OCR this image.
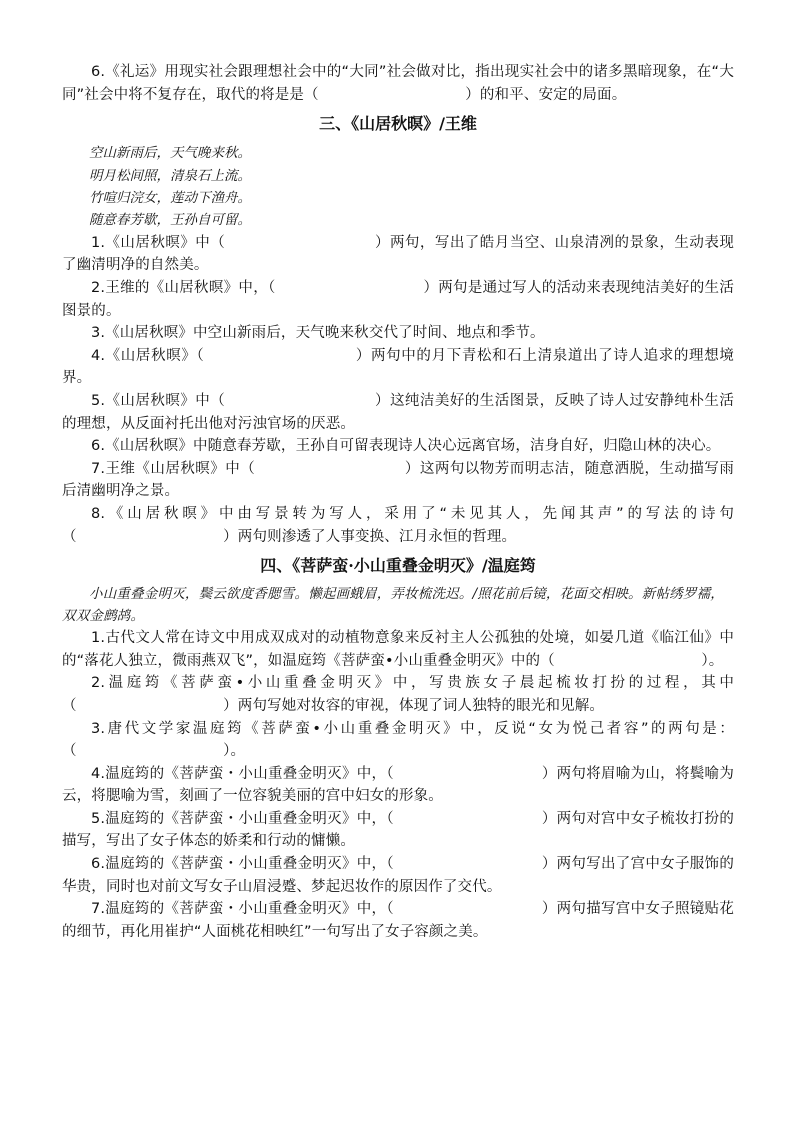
6.《礼运》用现实社会跟理想社会中的“大同”社会做对比，指出现实社会中的诸多黑暗现象，在“大同”社会中将不复存在，取代的将是是（　　　　　　　　　　）的和平、安定的局面。

三、《山居秋暝》/王维

空山新雨后，天气晚来秋。

明月松间照，清泉石上流。

竹喧归浣女，莲动下渔舟。

随意春芳歇，王孙自可留。

1.《山居秋暝》中（　　　　　　　　　　）两句，写出了皓月当空、山泉清冽的景象，生动表现了幽清明净的自然美。

2.王维的《山居秋暝》中，（　　　　　　　　　　）两句是通过写人的活动来表现纯洁美好的生活图景的。

3.《山居秋暝》中空山新雨后，天气晚来秋交代了时间、地点和季节。

4.《山居秋暝》（　　　　　　　　　　）两句中的月下青松和石上清泉道出了诗人追求的理想境界。

5.《山居秋暝》中（　　　　　　　　　　）这纯洁美好的生活图景，反映了诗人过安静纯朴生活的理想，从反面衬托出他对污浊官场的厌恶。

6.《山居秋暝》中随意春芳歇，王孙自可留表现诗人决心远离官场，洁身自好，归隐山林的决心。

7.王维《山居秋暝》中（　　　　　　　　　　）这两句以物芳而明志洁，随意洒脱，生动描写雨后清幽明净之景。

8.《山居秋暝》中由写景转为写人，采用了“未见其人，先闻其声”的写法的诗句（　　　　　　　　　　）两句则渗透了人事变换、江月永恒的哲理。

四、《菩萨蛮·小山重叠金明灭》/温庭筠

小山重叠金明灭，鬓云欲度香腮雪。懒起画蛾眉，弄妆梳洗迟。/照花前后镜，花面交相映。新帖绣罗襦，双双金鹧鸪。

1.古代文人常在诗文中用成双成对的动植物意象来反衬主人公孤独的处境，如晏几道《临江仙》中的“落花人独立，微雨燕双飞”，如温庭筠《菩萨蛮•小山重叠金明灭》中的（　　　　　　　　　　）。

2.温庭筠《菩萨蛮•小山重叠金明灭》中，写贵族女子晨起梳妆打扮的过程，其中（　　　　　　　　　　）两句写她对妆容的审视，体现了词人独特的眼光和见解。

3.唐代文学家温庭筠《菩萨蛮•小山重叠金明灭》中，反说“女为悦己者容”的两句是：（　　　　　　　　　　）。

4.温庭筠的《菩萨蛮・小山重叠金明灭》中，（　　　　　　　　　　）两句将眉喻为山，将鬓喻为云，将腮喻为雪，刻画了一位容貌美丽的宫中妇女的形象。

5.温庭筠的《菩萨蛮・小山重叠金明灭》中，（　　　　　　　　　　）两句对宫中女子梳妆打扮的描写，写出了女子体态的娇柔和行动的慵懒。

6.温庭筠的《菩萨蛮・小山重叠金明灭》中，（　　　　　　　　　　）两句写出了宫中女子服饰的华贵，同时也对前文写女子山眉浸蹙、梦起迟妆作的原因作了交代。

7.温庭筠的《菩萨蛮・小山重叠金明灭》中，（　　　　　　　　　　）两句描写宫中女子照镜贴花的细节，再化用崔护“人面桃花相映红”一句写出了女子容颜之美。
